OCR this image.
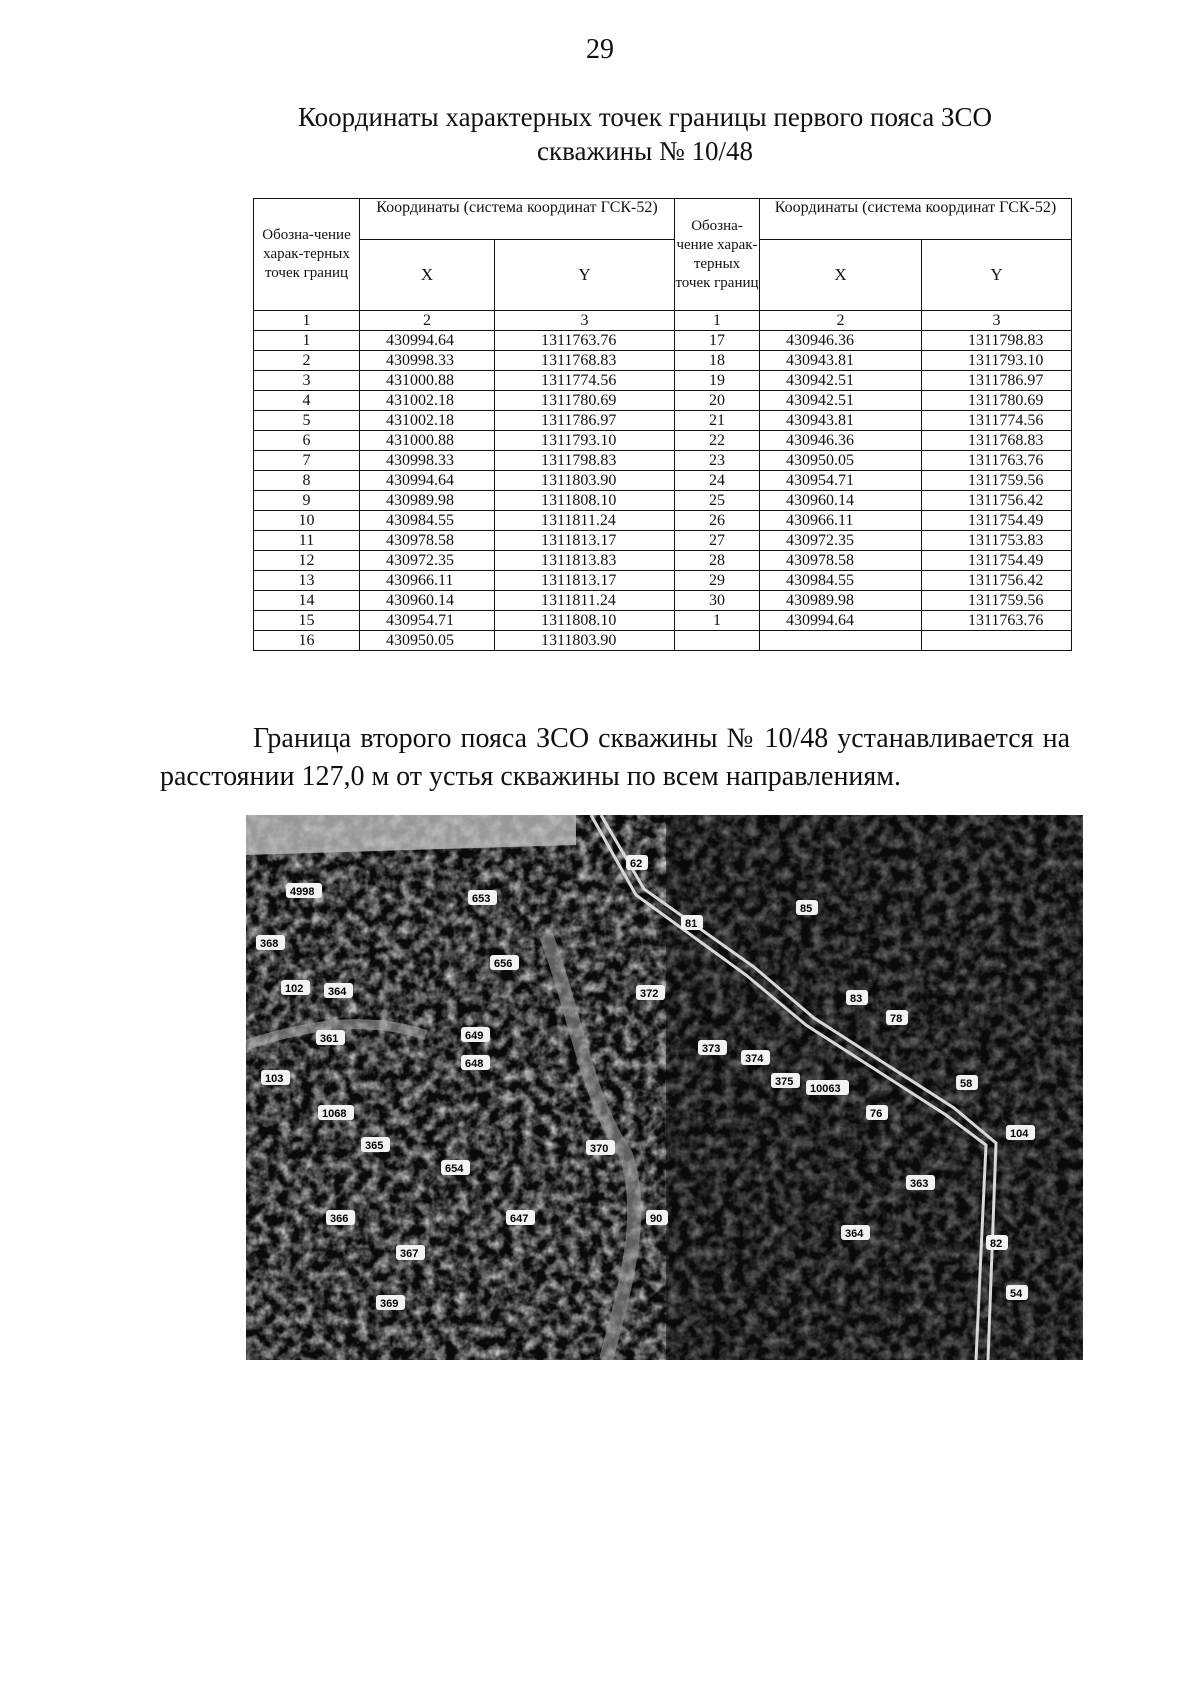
29
Координаты характерных точек границы первого пояса ЗСО
скважины № 10/48
Обозна-чение харак-терных точек границ	Координаты (система координат ГСК-52)		Обозна-чение харак-терных точек границ	Координаты (система координат ГСК-52)	
	X	Y		X	Y
1	2	3	1	2	3
1	430994.64	1311763.76	17	430946.36	1311798.83
2	430998.33	1311768.83	18	430943.81	1311793.10
3	431000.88	1311774.56	19	430942.51	1311786.97
4	431002.18	1311780.69	20	430942.51	1311780.69
5	431002.18	1311786.97	21	430943.81	1311774.56
6	431000.88	1311793.10	22	430946.36	1311768.83
7	430998.33	1311798.83	23	430950.05	1311763.76
8	430994.64	1311803.90	24	430954.71	1311759.56
9	430989.98	1311808.10	25	430960.14	1311756.42
10	430984.55	1311811.24	26	430966.11	1311754.49
11	430978.58	1311813.17	27	430972.35	1311753.83
12	430972.35	1311813.83	28	430978.58	1311754.49
13	430966.11	1311813.17	29	430984.55	1311756.42
14	430960.14	1311811.24	30	430989.98	1311759.56
15	430954.71	1311808.10	1	430994.64	1311763.76
16	430950.05	1311803.90			
Граница второго пояса ЗСО скважины № 10/48 устанавливается на
расстоянии 127,0 м от устья скважины по всем направлениям.
4998
653
656
649
368
361
364
648
1068
365
654
647
366
367
369
370
90
62
81
372
373
374
375
10063
85
83
78
76
363
364
102
103
104
82
54
58
